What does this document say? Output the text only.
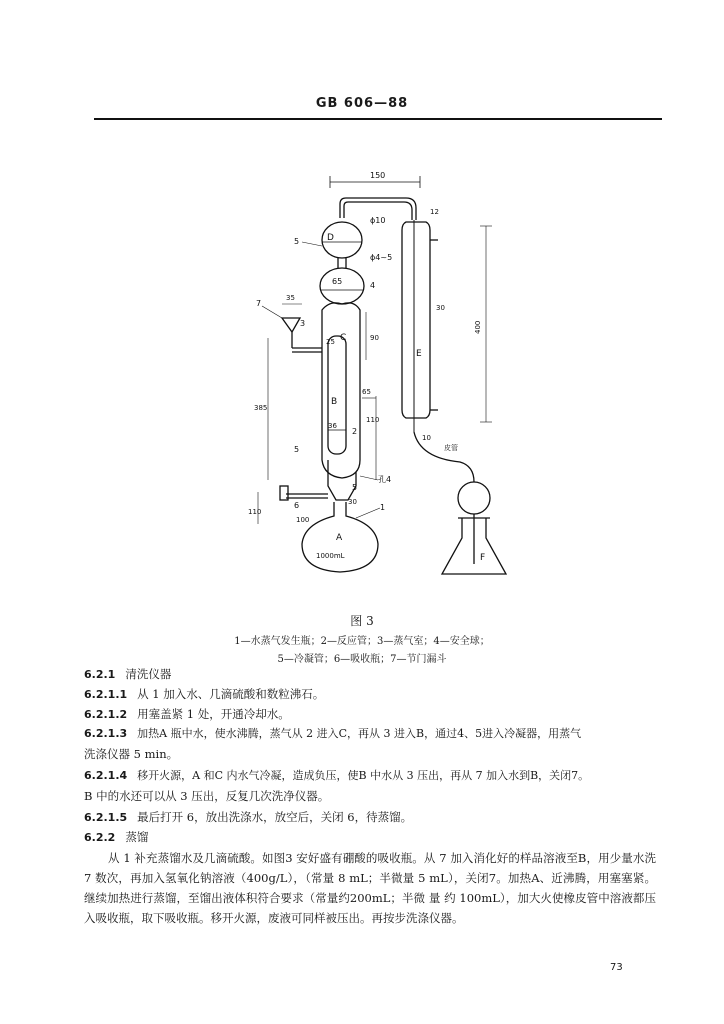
GB 606—88
150
D
ϕ10
ϕ4~5
5
65	4
C
B
25
36
7
35
3
385
90
65
110
2
5
孔4
5
30
6
100
110
A
1000mL
1
12
30
E
400
10
皮管
F
图 3
1—水蒸气发生瓶；2—反应管；3—蒸气室；4—安全球；
5—冷凝管；6—吸收瓶；7—节门漏斗
6.2.1 清洗仪器
6.2.1.1 从 1 加入水、几滴硫酸和数粒沸石。
6.2.1.2 用塞盖紧 1 处，开通冷却水。
6.2.1.3 加热A 瓶中水，使水沸腾，蒸气从 2 进入C，再从 3 进入B，通过4、5进入冷凝器，用蒸气
洗涤仪器 5 min。
6.2.1.4 移开火源，A 和C 内水气冷凝，造成负压，使B 中水从 3 压出，再从 7 加入水到B，关闭7。
B 中的水还可以从 3 压出，反复几次洗净仪器。
6.2.1.5 最后打开 6，放出洗涤水，放空后，关闭 6，待蒸馏。
6.2.2 蒸馏
从 1 补充蒸馏水及几滴硫酸。如图3 安好盛有硼酸的吸收瓶。从 7 加入消化好的样品溶液至B，用少量水洗 7 数次，再加入氢氧化钠溶液（400g/L），（常量 8 mL；半微量 5 mL），关闭7。加热A、近沸腾，用塞塞紧。继续加热进行蒸馏，至馏出液体积符合要求（常量约200mL；半微 量 约 100mL），加大火使橡皮管中溶液都压入吸收瓶，取下吸收瓶。移开火源，废液可同样被压出。再按步洗涤仪器。
73
